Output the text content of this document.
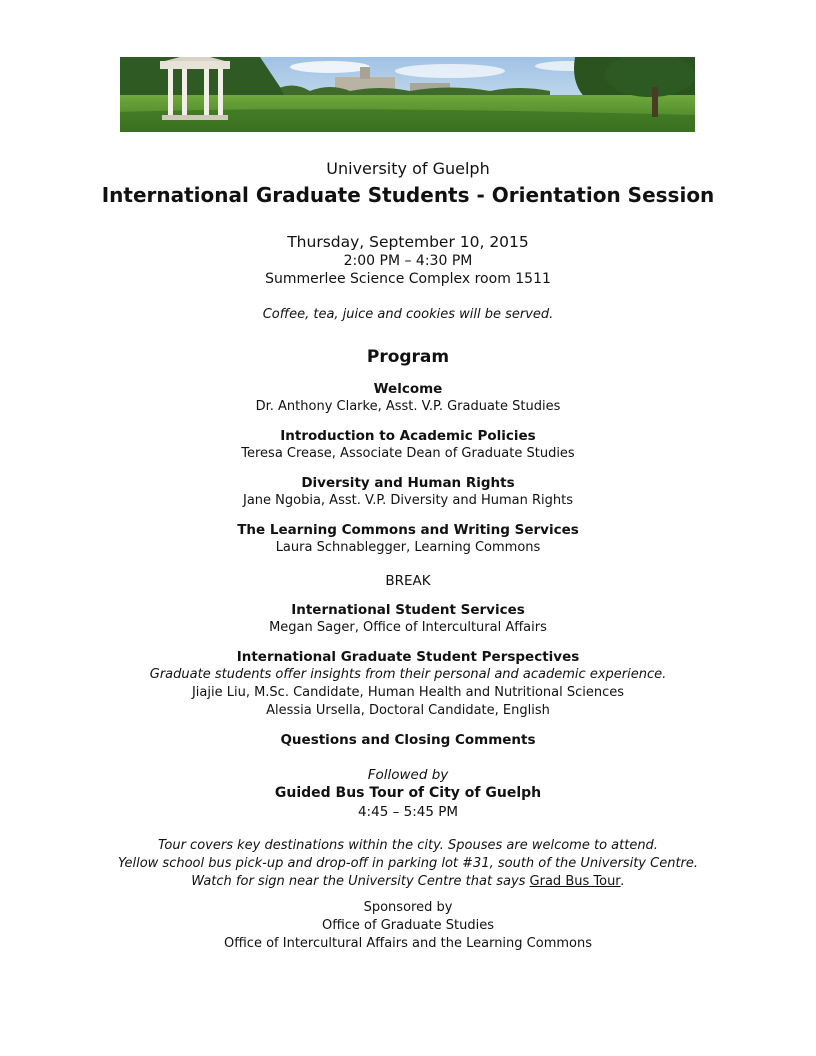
University of Guelph
International Graduate Students - Orientation Session
Thursday, September 10, 2015
2:00 PM – 4:30 PM
Summerlee Science Complex room 1511
Coffee, tea, juice and cookies will be served.
Program
Welcome
Dr. Anthony Clarke, Asst. V.P. Graduate Studies
Introduction to Academic Policies
Teresa Crease, Associate Dean of Graduate Studies
Diversity and Human Rights
Jane Ngobia, Asst. V.P. Diversity and Human Rights
The Learning Commons and Writing Services
Laura Schnablegger, Learning Commons
BREAK
International Student Services
Megan Sager, Office of Intercultural Affairs
International Graduate Student Perspectives
Graduate students offer insights from their personal and academic experience.
Jiajie Liu, M.Sc. Candidate, Human Health and Nutritional Sciences
Alessia Ursella, Doctoral Candidate, English
Questions and Closing Comments
Followed by
Guided Bus Tour of City of Guelph
4:45 – 5:45 PM
Tour covers key destinations within the city. Spouses are welcome to attend.
Yellow school bus pick-up and drop-off in parking lot #31, south of the University Centre.
Watch for sign near the University Centre that says Grad Bus Tour.
Sponsored by
Office of Graduate Studies
Office of Intercultural Affairs and the Learning Commons
